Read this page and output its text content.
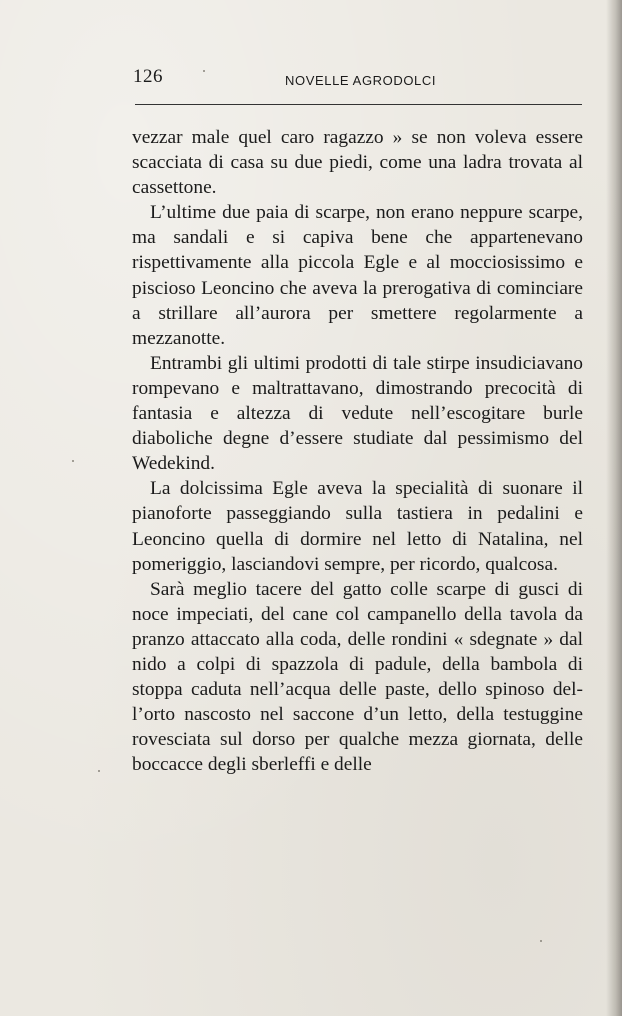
126	NOVELLE AGRODOLCI

vezzar male quel caro ragazzo » se non voleva essere scacciata di casa su due piedi, come una ladra trovata al cassettone.

L’ultime due paia di scarpe, non erano neppure scarpe, ma sandali e si capiva bene che appartenevano rispettivamente alla piccola Egle e al mocciosissimo e piscioso Leoncino che aveva la prerogativa di cominciare a strillare all’aurora per smettere regolarmente a mezzanotte.

Entrambi gli ultimi prodotti di tale stirpe insudiciavano rompevano e maltrattavano, dimostrando precocità di fantasia e altezza di vedute nell’escogitare burle diaboliche degne d’essere studiate dal pessimismo del Wedekind.

La dolcissima Egle aveva la specialità di suonare il pianoforte passeggiando sulla tastiera in pedalini e Leoncino quella di dormire nel letto di Natalina, nel pomeriggio, lasciandovi sempre, per ricordo, qualcosa.

Sarà meglio tacere del gatto colle scarpe di gusci di noce impeciati, del cane col campanello della tavola da pranzo attaccato alla coda, delle rondini « sdegnate » dal nido a colpi di spazzola di padule, della bambola di stoppa caduta nell’acqua delle paste, dello spinoso del-l’orto nascosto nel saccone d’un letto, della testuggine rovesciata sul dorso per qualche mezza giornata, delle boccacce degli sberleffi e delle
